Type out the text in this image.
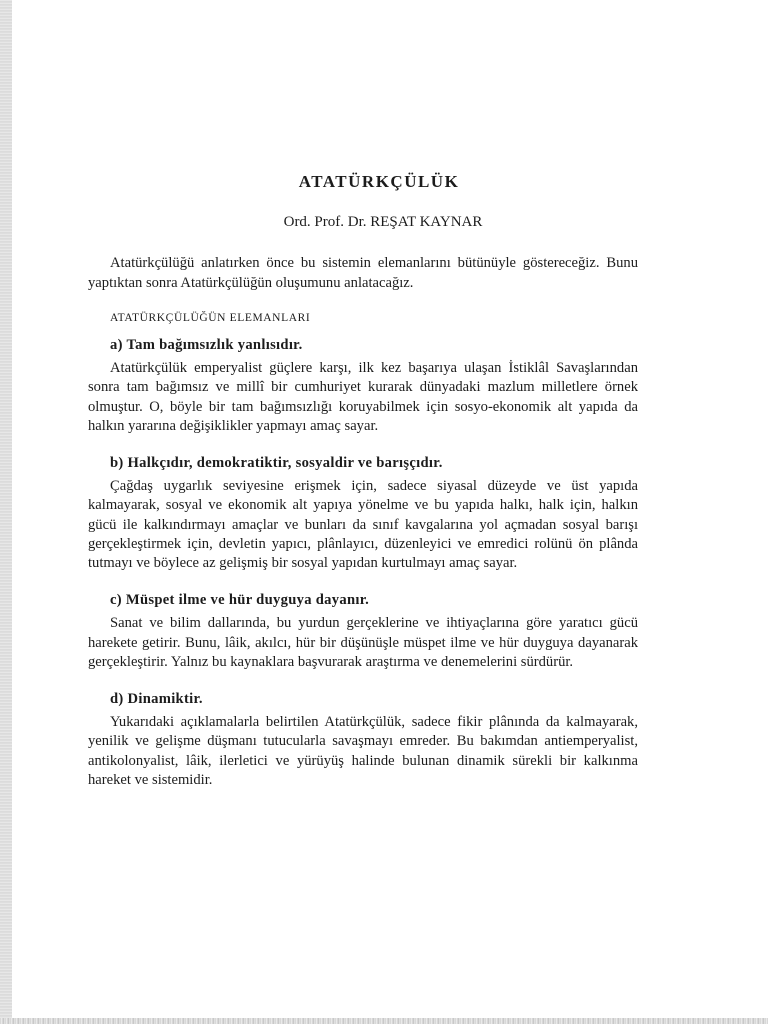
ATATÜRKÇÜLÜK
Ord. Prof. Dr. REŞAT KAYNAR

Atatürkçülüğü anlatırken önce bu sistemin elemanlarını bütünüyle göstereceğiz. Bunu yaptıktan sonra Atatürkçülüğün oluşumunu anlatacağız.

ATATÜRKÇÜLÜĞÜN ELEMANLARI
a) Tam bağımsızlık yanlısıdır.

Atatürkçülük emperyalist güçlere karşı, ilk kez başarıya ulaşan İstiklâl Savaşlarından sonra tam bağımsız ve millî bir cumhuriyet kurarak dünyadaki mazlum milletlere örnek olmuştur. O, böyle bir tam bağımsızlığı koruyabilmek için sosyo-ekonomik alt yapıda da halkın yararına değişiklikler yapmayı amaç sayar.

b) Halkçıdır, demokratiktir, sosyaldir ve barışçıdır.

Çağdaş uygarlık seviyesine erişmek için, sadece siyasal düzeyde ve üst yapıda kalmayarak, sosyal ve ekonomik alt yapıya yönelme ve bu yapıda halkı, halk için, halkın gücü ile kalkındırmayı amaçlar ve bunları da sınıf kavgalarına yol açmadan sosyal barışı gerçekleştirmek için, devletin yapıcı, plânlayıcı, düzenleyici ve emredici rolünü ön plânda tutmayı ve böylece az gelişmiş bir sosyal yapıdan kurtulmayı amaç sayar.

c) Müspet ilme ve hür duyguya dayanır.

Sanat ve bilim dallarında, bu yurdun gerçeklerine ve ihtiyaçlarına göre yaratıcı gücü harekete getirir. Bunu, lâik, akılcı, hür bir düşünüşle müspet ilme ve hür duyguya dayanarak gerçekleştirir. Yalnız bu kaynaklara başvurarak araştırma ve denemelerini sürdürür.

d) Dinamiktir.

Yukarıdaki açıklamalarla belirtilen Atatürkçülük, sadece fikir plânında da kalmayarak, yenilik ve gelişme düşmanı tutucularla savaşmayı emreder. Bu bakımdan antiemperyalist, antikolonyalist, lâik, ilerletici ve yürüyüş halinde bulunan dinamik sürekli bir kalkınma hareket ve sistemidir.
